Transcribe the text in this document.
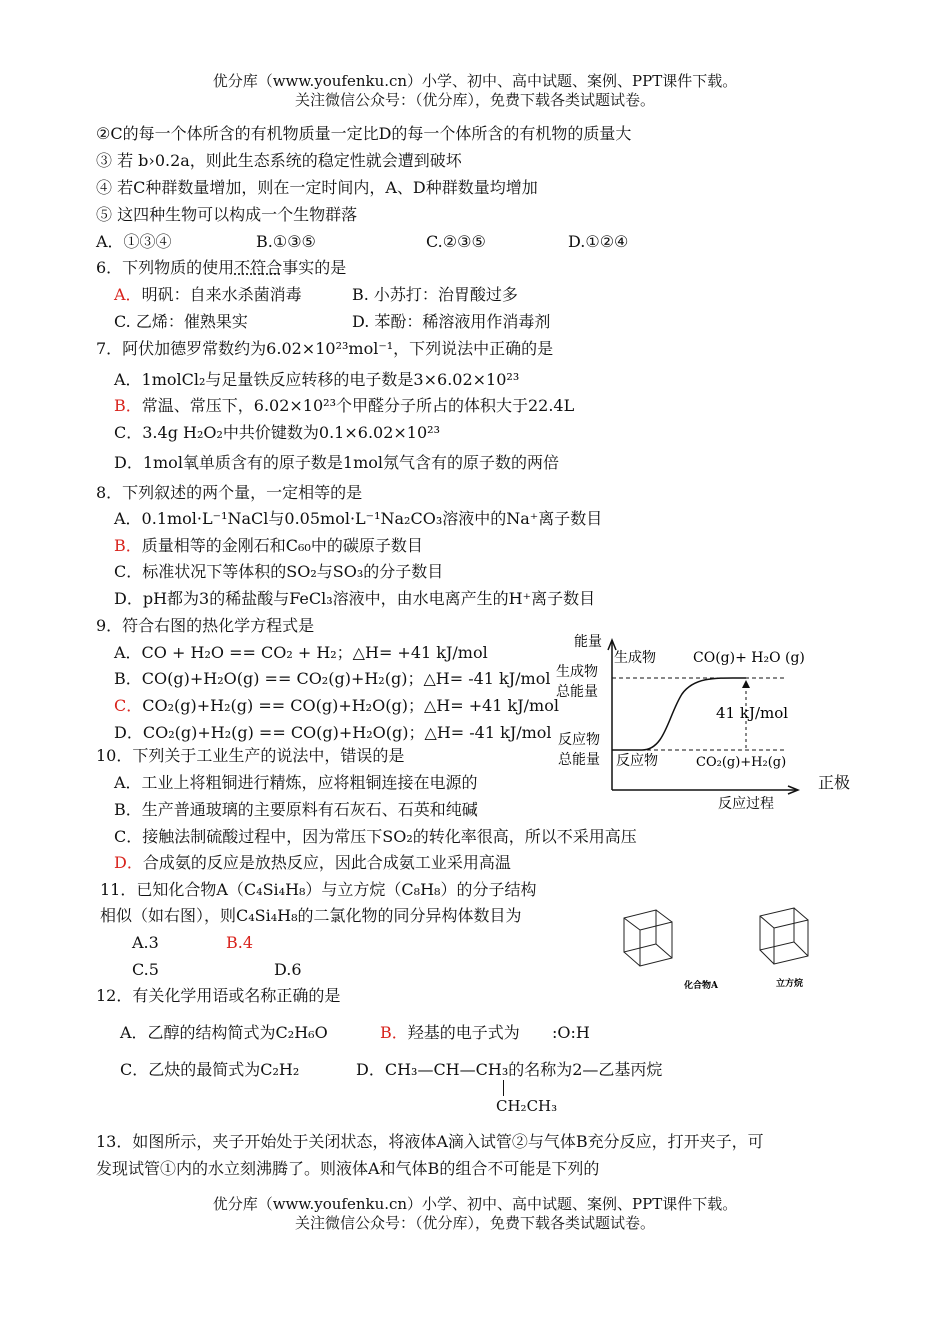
优分库（www.youfenku.cn）小学、初中、高中试题、案例、PPT课件下载。
关注微信公众号：（优分库），免费下载各类试题试卷。
②C的每一个体所含的有机物质量一定比D的每一个体所含的有机物的质量大
③ 若 b›0.2a，则此生态系统的稳定性就会遭到破坏
④ 若C种群数量增加，则在一定时间内，A、D种群数量均增加
⑤ 这四种生物可以构成一个生物群落
A．①③④	B.①③⑤	C.②③⑤	D.①②④
6．下列物质的使用不符合事实的是
A．明矾：自来水杀菌消毒	B. 小苏打：治胃酸过多
C. 乙烯：催熟果实	D. 苯酚：稀溶液用作消毒剂
7．阿伏加德罗常数约为6.02×10²³mol⁻¹，下列说法中正确的是
A．1molCl₂与足量铁反应转移的电子数是3×6.02×10²³
B．常温、常压下，6.02×10²³个甲醛分子所占的体积大于22.4L
C．3.4g H₂O₂中共价键数为0.1×6.02×10²³
D．1mol氧单质含有的原子数是1mol氖气含有的原子数的两倍
8．下列叙述的两个量，一定相等的是
A．0.1mol·L⁻¹NaCl与0.05mol·L⁻¹Na₂CO₃溶液中的Na⁺离子数目
B．质量相等的金刚石和C₆₀中的碳原子数目
C．标准状况下等体积的SO₂与SO₃的分子数目
D．pH都为3的稀盐酸与FeCl₃溶液中，由水电离产生的H⁺离子数目
9．符合右图的热化学方程式是
A．CO + H₂O == CO₂ + H₂；△H= +41 kJ/mol
B．CO(g)+H₂O(g) == CO₂(g)+H₂(g)；△H= -41 kJ/mol
C．CO₂(g)+H₂(g) == CO(g)+H₂O(g)；△H= +41 kJ/mol
D．CO₂(g)+H₂(g) == CO(g)+H₂O(g)；△H= -41 kJ/mol
能量
生成物	CO(g)+ H₂O (g)
生成物
总能量
41 kJ/mol
反应物
总能量 反应物	CO₂(g)+H₂(g)
反应过程
10．下列关于工业生产的说法中，错误的是
A．工业上将粗铜进行精炼，应将粗铜连接在电源的	正极
B．生产普通玻璃的主要原料有石灰石、石英和纯碱
C．接触法制硫酸过程中，因为常压下SO₂的转化率很高，所以不采用高压
D．合成氨的反应是放热反应，因此合成氨工业采用高温
11．已知化合物A（C₄Si₄H₈）与立方烷（C₈H₈）的分子结构
相似（如右图），则C₄Si₄H₈的二氯化物的同分异构体数目为
A.3	B.4
C.5	D.6
化合物A	立方烷
12．有关化学用语或名称正确的是
A．乙醇的结构简式为C₂H₆O	B．羟基的电子式为 :O:H
C．乙炔的最简式为C₂H₂	D．CH₃—CH—CH₃的名称为2—乙基丙烷
CH₂CH₃
13．如图所示，夹子开始处于关闭状态，将液体A滴入试管②与气体B充分反应，打开夹子，可
发现试管①内的水立刻沸腾了。则液体A和气体B的组合不可能是下列的
优分库（www.youfenku.cn）小学、初中、高中试题、案例、PPT课件下载。
关注微信公众号：（优分库），免费下载各类试题试卷。
